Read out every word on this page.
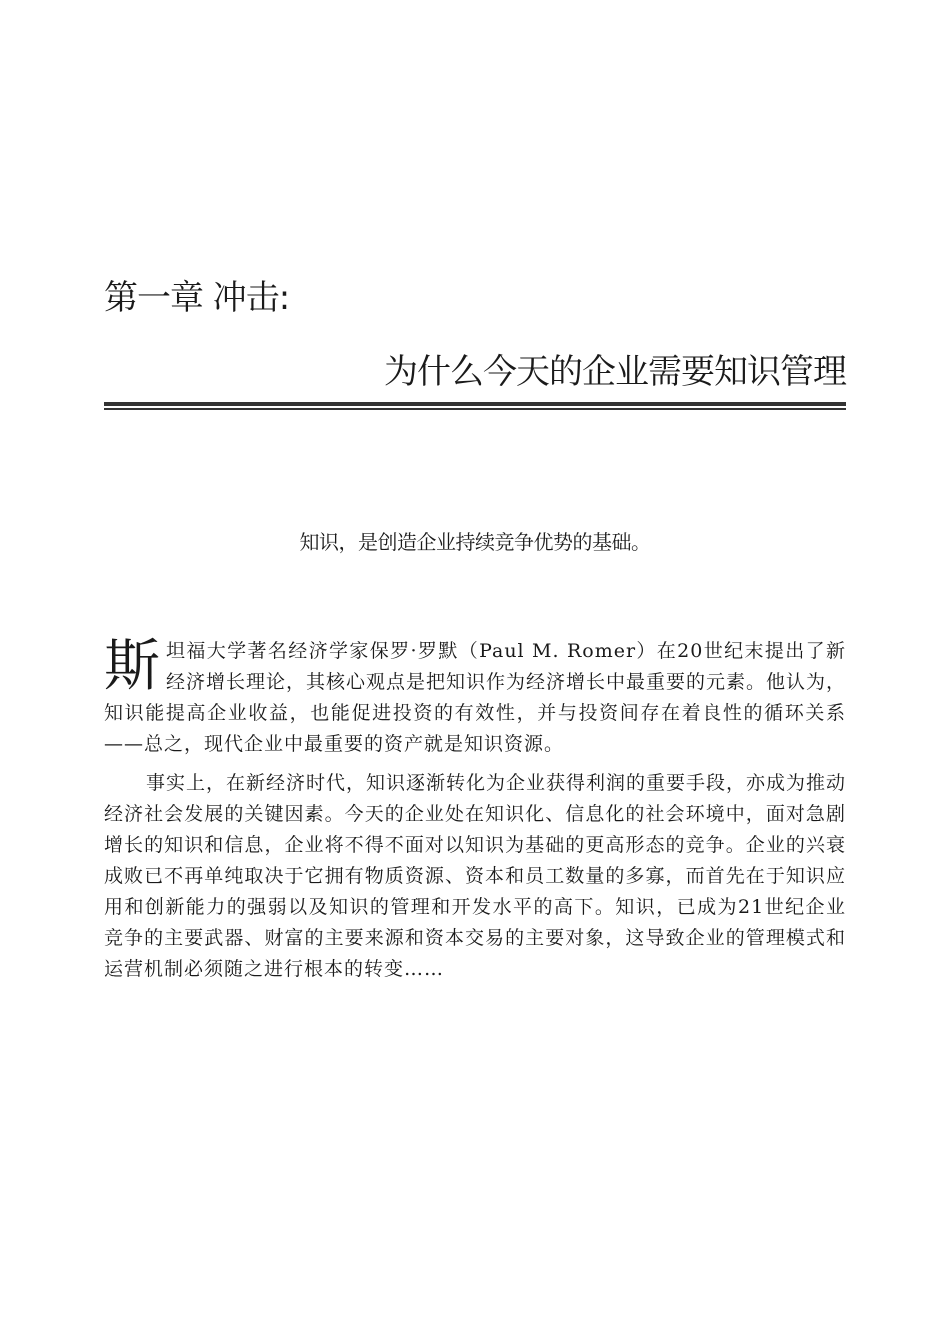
第一章 冲击:
为什么今天的企业需要知识管理
知识，是创造企业持续竞争优势的基础。
斯坦福大学著名经济学家保罗·罗默（Paul M. Romer）在20世纪末提出了新经济增长理论，其核心观点是把知识作为经济增长中最重要的元素。他认为，知识能提高企业收益，也能促进投资的有效性，并与投资间存在着良性的循环关系——总之，现代企业中最重要的资产就是知识资源。
事实上，在新经济时代，知识逐渐转化为企业获得利润的重要手段，亦成为推动经济社会发展的关键因素。今天的企业处在知识化、信息化的社会环境中，面对急剧增长的知识和信息，企业将不得不面对以知识为基础的更高形态的竞争。企业的兴衰成败已不再单纯取决于它拥有物质资源、资本和员工数量的多寡，而首先在于知识应用和创新能力的强弱以及知识的管理和开发水平的高下。知识，已成为21世纪企业竞争的主要武器、财富的主要来源和资本交易的主要对象，这导致企业的管理模式和运营机制必须随之进行根本的转变……
